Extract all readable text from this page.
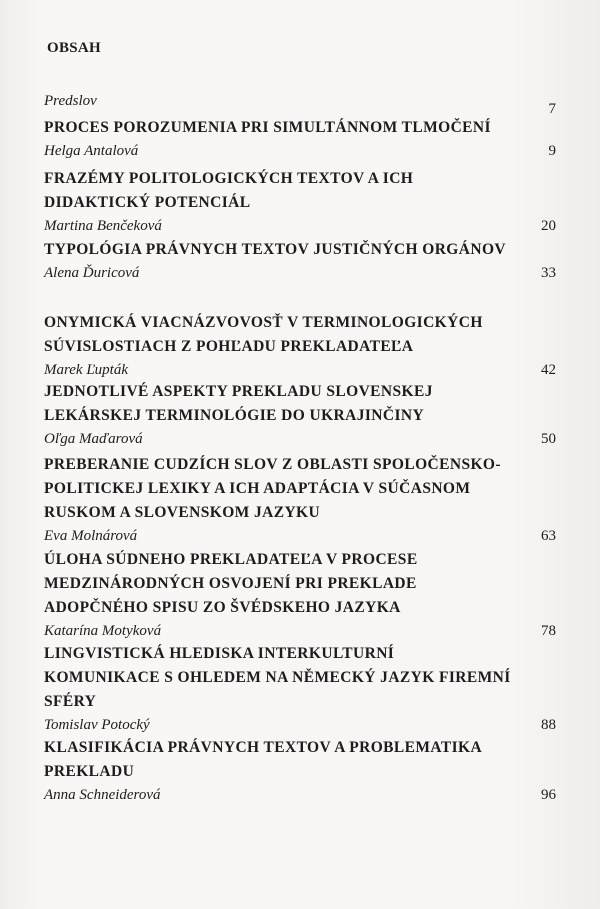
OBSAH
Predslov	7
PROCES POROZUMENIA PRI SIMULTÁNNOM TLMOČENÍ
Helga Antalová	9
FRAZÉMY POLITOLOGICKÝCH TEXTOV A ICH DIDAKTICKÝ POTENCIÁL
Martina Benčeková	20
TYPOLÓGIA PRÁVNYCH TEXTOV JUSTIČNÝCH ORGÁNOV
Alena Ďuricová	33
ONYMICKÁ VIACNÁZVOVOSŤ V TERMINOLOGICKÝCH SÚVISLOSTIACH Z POHĽADU PREKLADATEĽA
Marek Ľupták	42
JEDNOTLIVÉ ASPEKTY PREKLADU SLOVENSKEJ LEKÁRSKEJ TERMINOLÓGIE DO UKRAJINČINY
Oľga Maďarová	50
PREBERANIE CUDZÍCH SLOV Z OBLASTI SPOLOČENSKO-POLITICKEJ LEXIKY A ICH ADAPTÁCIA V SÚČASNOM RUSKOM A SLOVENSKOM JAZYKU
Eva Molnárová	63
ÚLOHA SÚDNEHO PREKLADATEĽA V PROCESE MEDZINÁRODNÝCH OSVOJENÍ PRI PREKLADE ADOPČNÉHO SPISU ZO ŠVÉDSKEHO JAZYKA
Katarína Motyková	78
LINGVISTICKÁ HLEDISKA INTERKULTURNÍ KOMUNIKACE S OHLEDEM NA NĚMECKÝ JAZYK FIREMNÍ SFÉRY
Tomislav Potocký	88
KLASIFIKÁCIA PRÁVNYCH TEXTOV A PROBLEMATIKA PREKLADU
Anna Schneiderová	96
